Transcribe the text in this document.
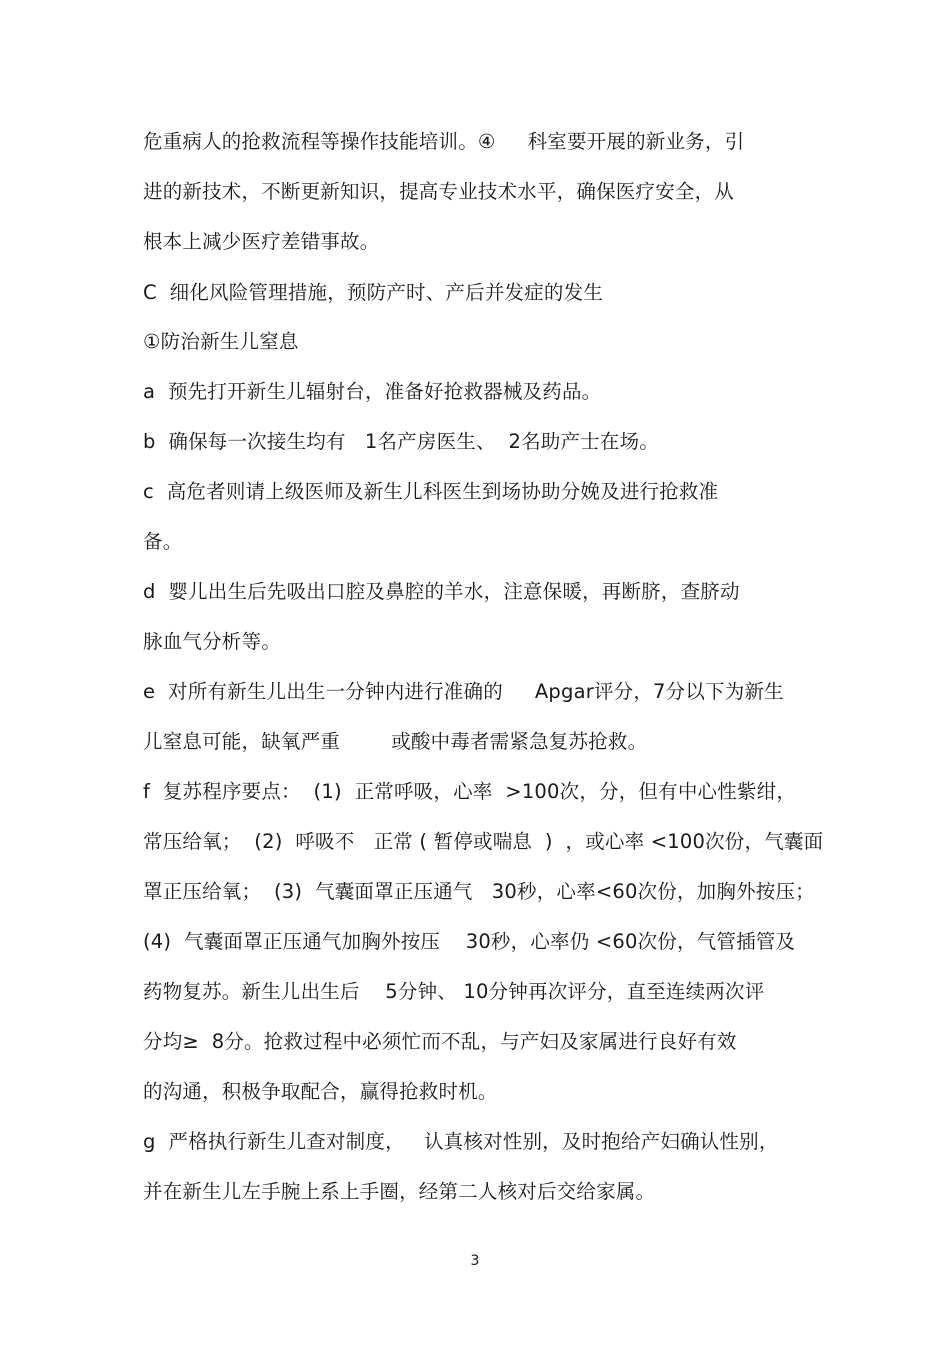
危重病人的抢救流程等操作技能培训。④     科室要开展的新业务，引
进的新技术，不断更新知识，提高专业技术水平，确保医疗安全，从
根本上减少医疗差错事故。
C  细化风险管理措施，预防产时、产后并发症的发生
①防治新生儿窒息
a  预先打开新生儿辐射台，准备好抢救器械及药品。
b  确保每一次接生均有   1名产房医生、  2名助产士在场。
c  高危者则请上级医师及新生儿科医生到场协助分娩及进行抢救准
备。
d  婴儿出生后先吸出口腔及鼻腔的羊水，注意保暖，再断脐，查脐动
脉血气分析等。
e  对所有新生儿出生一分钟内进行准确的     Apgar评分，7分以下为新生
儿窒息可能，缺氧严重        或酸中毒者需紧急复苏抢救。
f  复苏程序要点：  (1)  正常呼吸，心率  >100次，分，但有中心性紫绀，
常压给氧；  (2)  呼吸不   正常 ( 暂停或喘息  )  ，或心率 <100次份，气囊面
罩正压给氧；  (3)  气囊面罩正压通气   30秒，心率<60次份，加胸外按压；
(4)  气囊面罩正压通气加胸外按压    30秒，心率仍 <60次份，气管插管及
药物复苏。新生儿出生后    5分钟、 10分钟再次评分，直至连续两次评
分均≥  8分。抢救过程中必须忙而不乱，与产妇及家属进行良好有效
的沟通，积极争取配合，赢得抢救时机。
g  严格执行新生儿查对制度，   认真核对性别，及时抱给产妇确认性别，
并在新生儿左手腕上系上手圈，经第二人核对后交给家属。
3
